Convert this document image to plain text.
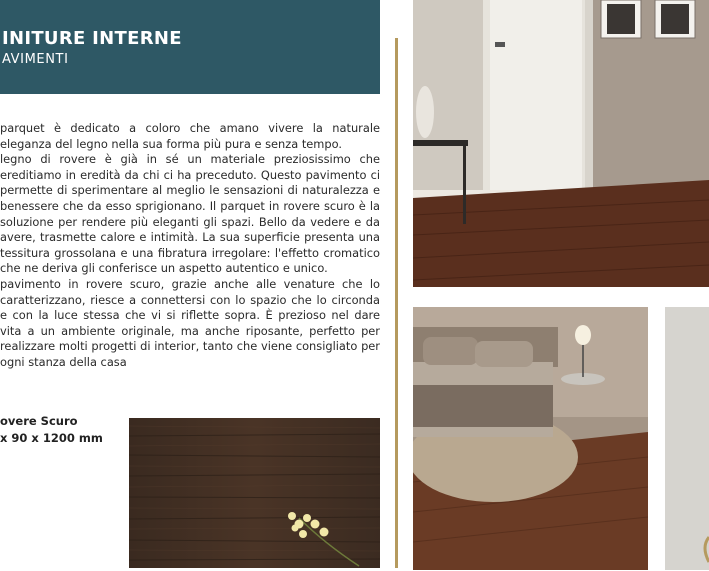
INITURE INTERNE
AVIMENTI

parquet è dedicato a coloro che amano vivere la naturale eleganza del legno nella sua forma più pura e senza tempo.

legno di rovere è già in sé un materiale preziosissimo che ereditiamo in eredità da chi ci ha preceduto. Questo pavimento ci permette di sperimentare al meglio le sensazioni di naturalezza e benessere che da esso sprigionano. Il parquet in rovere scuro è la soluzione per rendere più eleganti gli spazi. Bello da vedere e da avere, trasmette calore e intimità. La sua superficie presenta una tessitura grossolana e una fibratura irregolare: l'effetto cromatico che ne deriva gli conferisce un aspetto autentico e unico.

pavimento in rovere scuro, grazie anche alle venature che lo caratterizzano, riesce a connettersi con lo spazio che lo circonda e con la luce stessa che vi si riflette sopra. È prezioso nel dare vita a un ambiente originale, ma anche riposante, perfetto per realizzare molti progetti di interior, tanto che viene consigliato per ogni stanza della casa

overe Scuro
x 90 x 1200 mm
